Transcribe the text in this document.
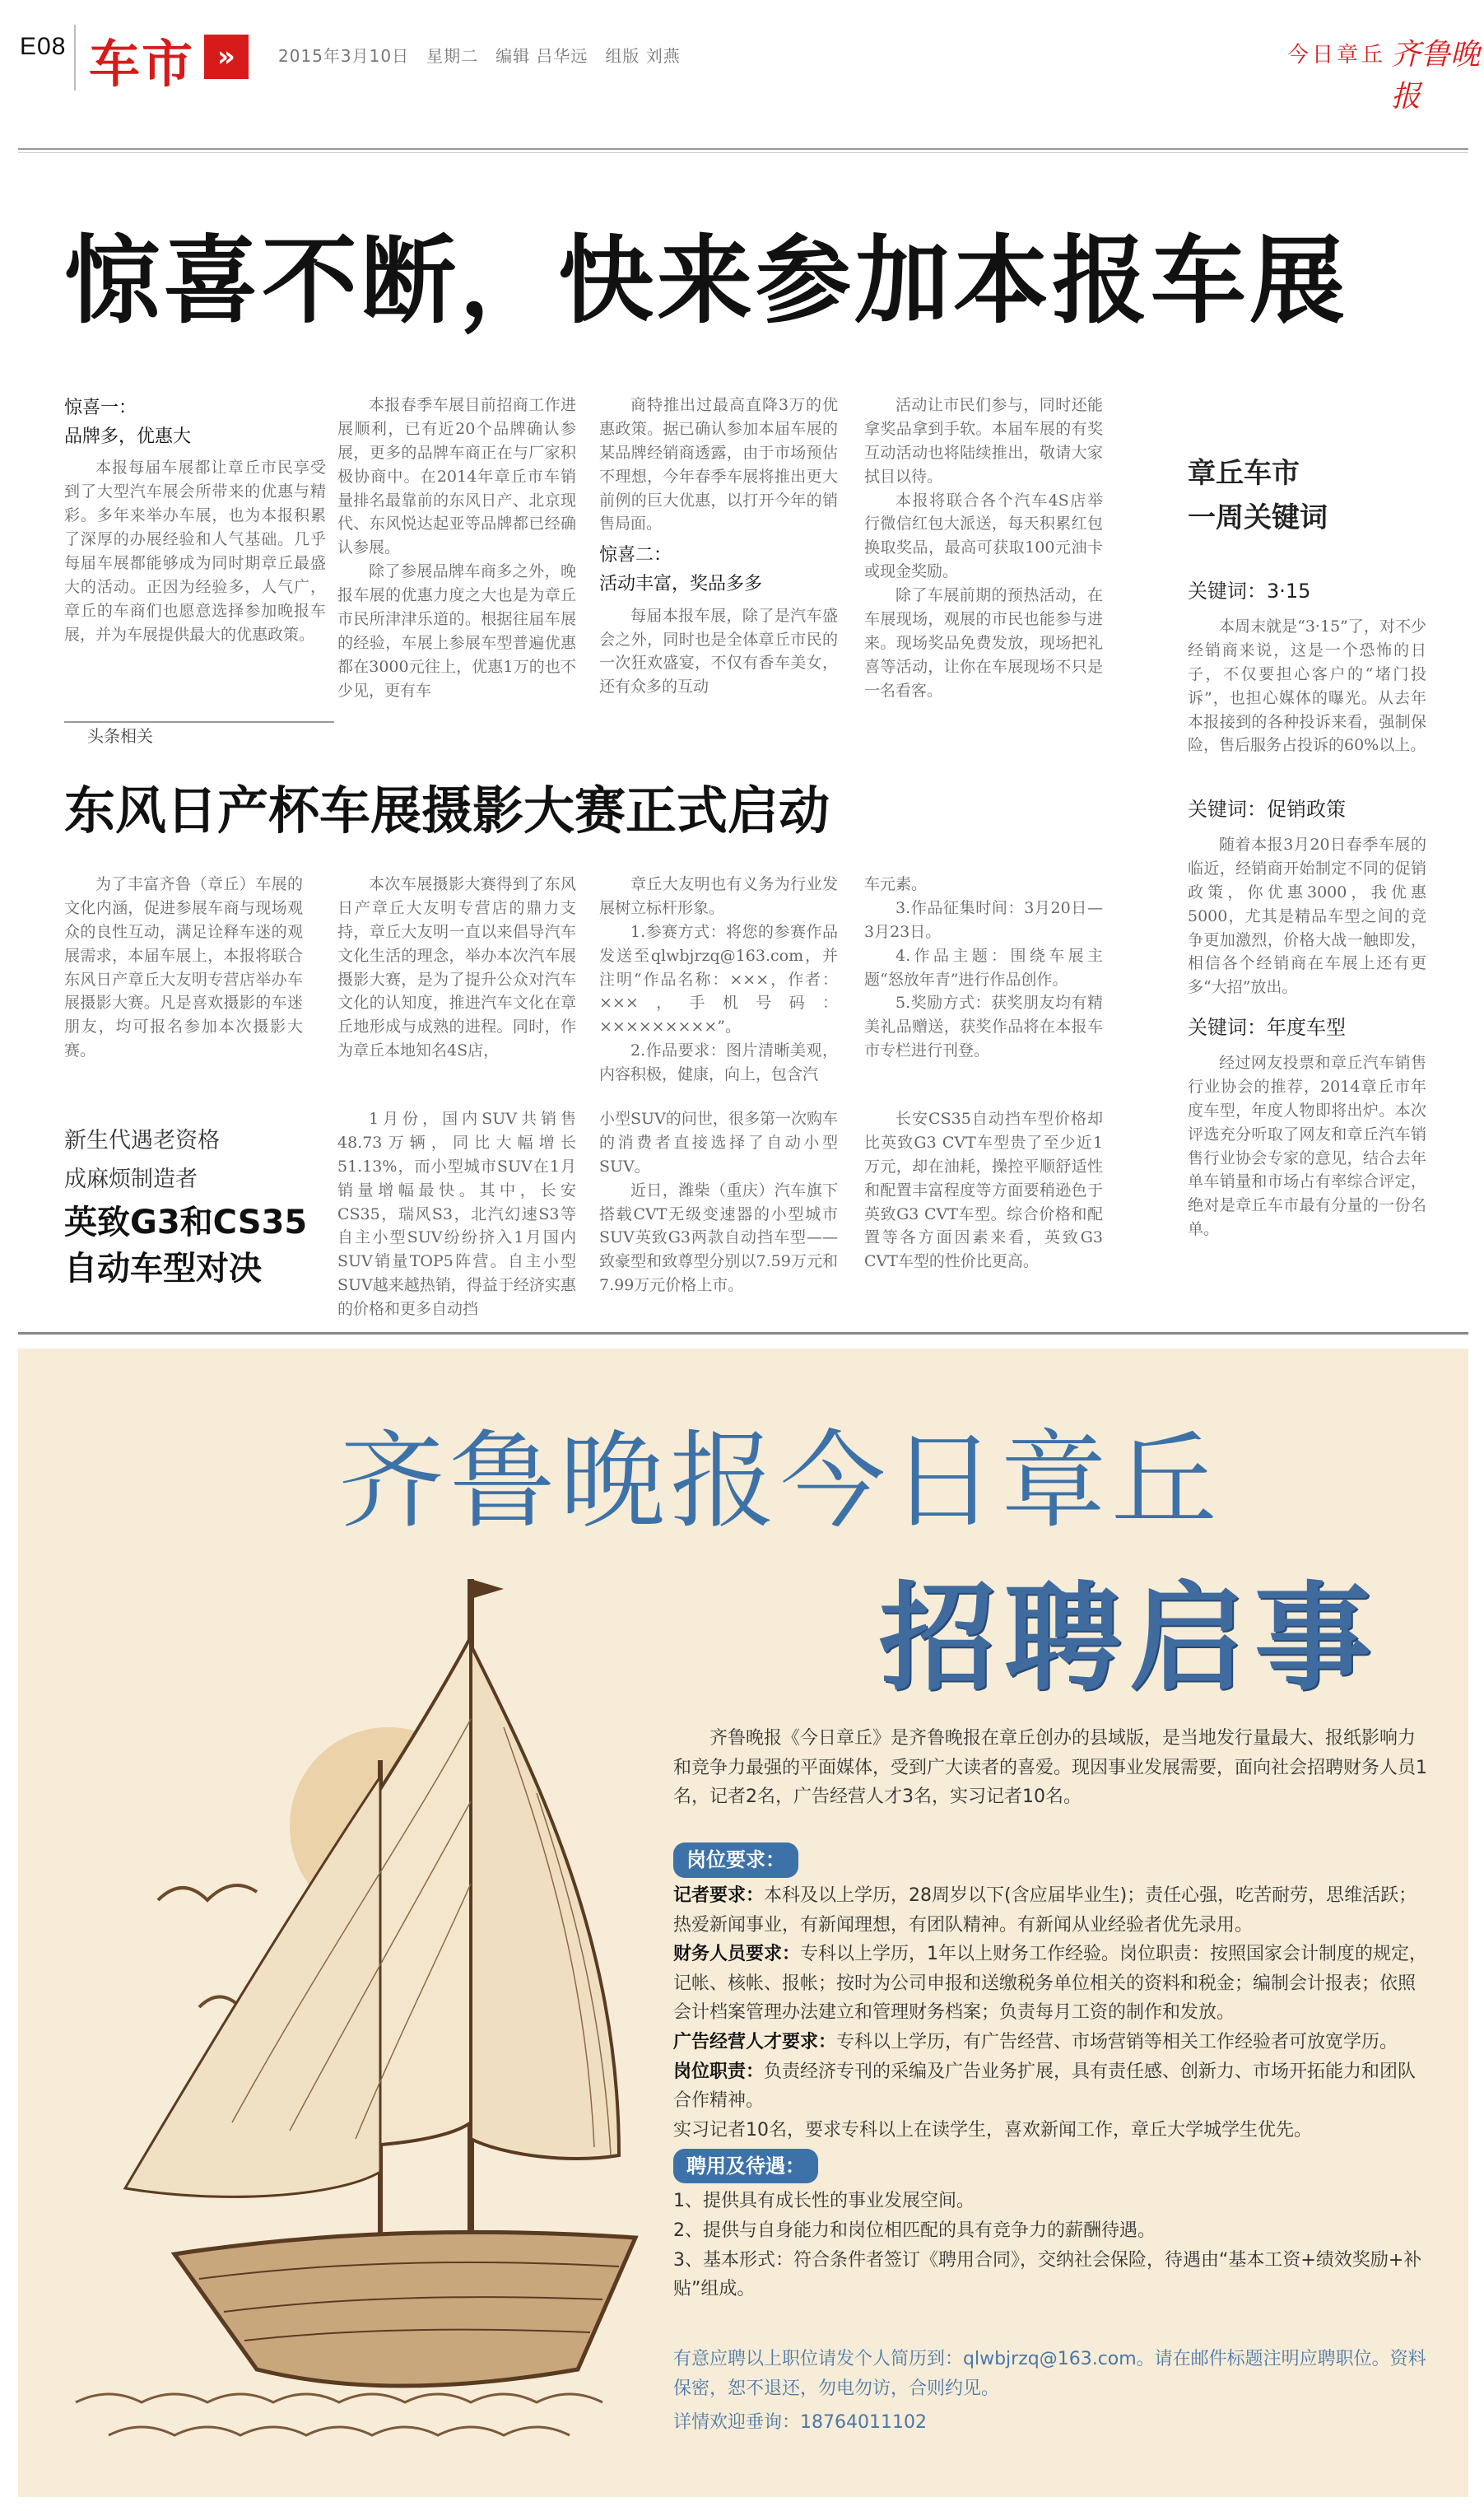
E08 车市 »	2015年3月10日　星期二　编辑 吕华远　组版 刘燕	今日章丘 齐鲁晚报
惊喜不断，快来参加本报车展
惊喜一：
品牌多，优惠大

本报每届车展都让章丘市民享受到了大型汽车展会所带来的优惠与精彩。多年来举办车展，也为本报积累了深厚的办展经验和人气基础。几乎每届车展都能够成为同时期章丘最盛大的活动。正因为经验多，人气广，章丘的车商们也愿意选择参加晚报车展，并为车展提供最大的优惠政策。

本报春季车展目前招商工作进展顺利，已有近20个品牌确认参展，更多的品牌车商正在与厂家积极协商中。在2014年章丘市车销量排名最靠前的东风日产、北京现代、东风悦达起亚等品牌都已经确认参展。

除了参展品牌车商多之外，晚报车展的优惠力度之大也是为章丘市民所津津乐道的。根据往届车展的经验，车展上参展车型普遍优惠都在3000元往上，优惠1万的也不少见，更有车

商特推出过最高直降3万的优惠政策。据已确认参加本届车展的某品牌经销商透露，由于市场预估不理想，今年春季车展将推出更大前例的巨大优惠，以打开今年的销售局面。

惊喜二：
活动丰富，奖品多多

每届本报车展，除了是汽车盛会之外，同时也是全体章丘市民的一次狂欢盛宴，不仅有香车美女，还有众多的互动

活动让市民们参与，同时还能拿奖品拿到手软。本届车展的有奖互动活动也将陆续推出，敬请大家拭目以待。

本报将联合各个汽车4S店举行微信红包大派送，每天积累红包换取奖品，最高可获取100元油卡或现金奖励。

除了车展前期的预热活动，在车展现场，观展的市民也能参与进来。现场奖品免费发放，现场把礼喜等活动，让你在车展现场不只是一名看客。

章丘车市
一周关键词
关键词：3·15

本周末就是“3·15”了，对不少经销商来说，这是一个恐怖的日子，不仅要担心客户的“堵门投诉”，也担心媒体的曝光。从去年本报接到的各种投诉来看，强制保险，售后服务占投诉的60%以上。

关键词：促销政策

随着本报3月20日春季车展的临近，经销商开始制定不同的促销政策，你优惠3000，我优惠5000，尤其是精品车型之间的竞争更加激烈，价格大战一触即发，相信各个经销商在车展上还有更多“大招”放出。

关键词：年度车型

经过网友投票和章丘汽车销售行业协会的推荐，2014章丘市年度车型，年度人物即将出炉。本次评选充分听取了网友和章丘汽车销售行业协会专家的意见，结合去年单车销量和市场占有率综合评定，绝对是章丘车市最有分量的一份名单。

头条相关
东风日产杯车展摄影大赛正式启动

为了丰富齐鲁（章丘）车展的文化内涵，促进参展车商与现场观众的良性互动，满足诠释车迷的观展需求，本届车展上，本报将联合东风日产章丘大友明专营店举办车展摄影大赛。凡是喜欢摄影的车迷朋友，均可报名参加本次摄影大赛。

本次车展摄影大赛得到了东风日产章丘大友明专营店的鼎力支持，章丘大友明一直以来倡导汽车文化生活的理念，举办本次汽车展摄影大赛，是为了提升公众对汽车文化的认知度，推进汽车文化在章丘地形成与成熟的进程。同时，作为章丘本地知名4S店，

章丘大友明也有义务为行业发展树立标杆形象。

1.参赛方式：将您的参赛作品发送至qlwbjrzq@163.com，并注明“作品名称：×××，作者：×××，手机号码：×××××××××”。

2.作品要求：图片清晰美观，内容积极，健康，向上，包含汽

车元素。

3.作品征集时间：3月20日—3月23日。

4.作品主题：围绕车展主题“怒放年青”进行作品创作。

5.奖励方式：获奖朋友均有精美礼品赠送，获奖作品将在本报车市专栏进行刊登。

新生代遇老资格
成麻烦制造者
英致G3和CS35
自动车型对决

1月份，国内SUV共销售48.73万辆，同比大幅增长51.13%，而小型城市SUV在1月销量增幅最快。其中，长安CS35，瑞风S3，北汽幻速S3等自主小型SUV纷纷挤入1月国内SUV销量TOP5阵营。自主小型SUV越来越热销，得益于经济实惠的价格和更多自动挡

小型SUV的问世，很多第一次购车的消费者直接选择了自动小型SUV。

近日，潍柴（重庆）汽车旗下搭载CVT无级变速器的小型城市SUV英致G3两款自动挡车型——致豪型和致尊型分别以7.59万元和7.99万元价格上市。

长安CS35自动挡车型价格却比英致G3 CVT车型贵了至少近1万元，却在油耗，操控平顺舒适性和配置丰富程度等方面要稍逊色于英致G3 CVT车型。综合价格和配置等各方面因素来看，英致G3 CVT车型的性价比更高。

齐鲁晚报今日章丘
招聘启事

齐鲁晚报《今日章丘》是齐鲁晚报在章丘创办的县域版，是当地发行量最大、报纸影响力和竞争力最强的平面媒体，受到广大读者的喜爱。现因事业发展需要，面向社会招聘财务人员1名，记者2名，广告经营人才3名，实习记者10名。

岗位要求：

记者要求：本科及以上学历，28周岁以下(含应届毕业生)；责任心强，吃苦耐劳，思维活跃；热爱新闻事业，有新闻理想，有团队精神。有新闻从业经验者优先录用。

财务人员要求：专科以上学历，1年以上财务工作经验。岗位职责：按照国家会计制度的规定，记帐、核帐、报帐；按时为公司申报和送缴税务单位相关的资料和税金；编制会计报表；依照会计档案管理办法建立和管理财务档案；负责每月工资的制作和发放。

广告经营人才要求：专科以上学历，有广告经营、市场营销等相关工作经验者可放宽学历。

岗位职责：负责经济专刊的采编及广告业务扩展，具有责任感、创新力、市场开拓能力和团队合作精神。

实习记者10名，要求专科以上在读学生，喜欢新闻工作，章丘大学城学生优先。

聘用及待遇：

1、提供具有成长性的事业发展空间。

2、提供与自身能力和岗位相匹配的具有竞争力的薪酬待遇。

3、基本形式：符合条件者签订《聘用合同》，交纳社会保险，待遇由“基本工资+绩效奖励+补贴”组成。

有意应聘以上职位请发个人简历到：qlwbjrzq@163.com。请在邮件标题注明应聘职位。资料保密，恕不退还，勿电勿访，合则约见。

详情欢迎垂询：18764011102
